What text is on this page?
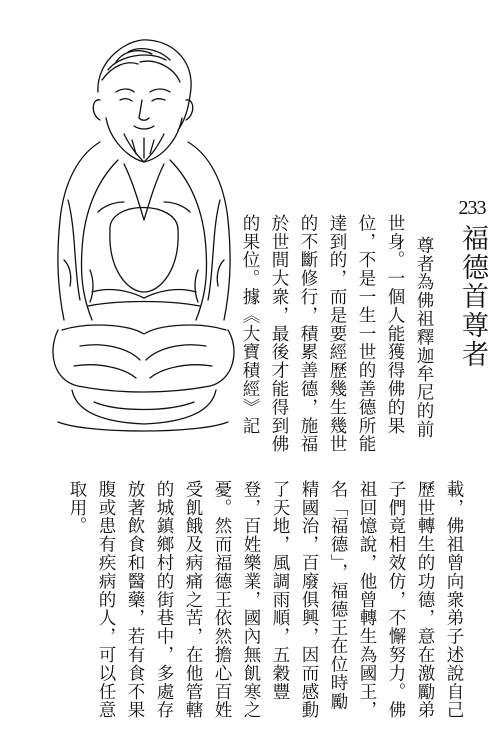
233
福德首尊者
尊者為佛祖釋迦牟尼的前
世身。一個人能獲得佛的果
位，不是一生一世的善德所能
達到的，而是要經歷幾生幾世
的不斷修行，積累善德，施福
於世間大衆，最後才能得到佛
的果位。據《大寶積經》記
載，佛祖曾向衆弟子述說自己
歷世轉生的功德，意在激勵弟
子們竟相效仿，不懈努力。佛
祖回憶說，他曾轉生為國王，
名「福德」，福德王在位時勵
精國治，百廢俱興，因而感動
了天地，風調雨順，五穀豐
登，百姓樂業，國內無飢寒之
憂。然而福德王依然擔心百姓
受飢餓及病痛之苦，在他管轄
的城鎮鄉村的街巷中，多處存
放著飲食和醫藥，若有食不果
腹或患有疾病的人，可以任意
取用。
